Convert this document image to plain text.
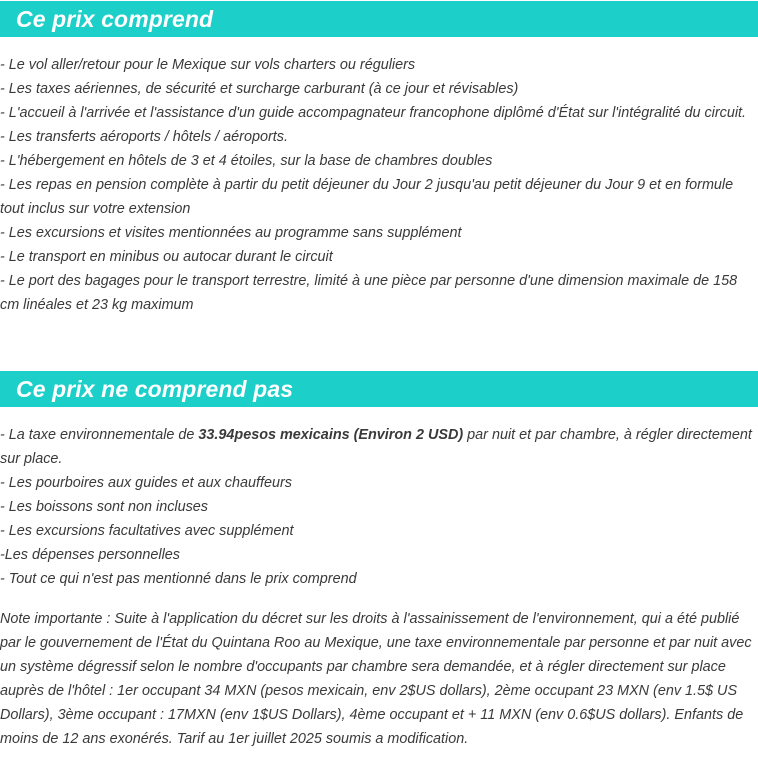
Ce prix comprend
- Le vol aller/retour pour le Mexique sur vols charters ou réguliers
- Les taxes aériennes, de sécurité et surcharge carburant (à ce jour et révisables)
- L'accueil à l'arrivée et l'assistance d'un guide accompagnateur francophone diplômé d'État sur l'intégralité du circuit.
- Les transferts aéroports / hôtels / aéroports.
- L'hébergement en hôtels de 3 et 4 étoiles, sur la base de chambres doubles
- Les repas en pension complète à partir du petit déjeuner du Jour 2 jusqu'au petit déjeuner du Jour 9 et en formule tout inclus sur votre extension
- Les excursions et visites mentionnées au programme sans supplément
- Le transport en minibus ou autocar durant le circuit
- Le port des bagages pour le transport terrestre, limité à une pièce par personne d'une dimension maximale de 158 cm linéales et 23 kg maximum
Ce prix ne comprend pas
- La taxe environnementale de 33.94pesos mexicains (Environ 2 USD) par nuit et par chambre, à régler directement sur place.
- Les pourboires aux guides et aux chauffeurs
- Les boissons sont non incluses
- Les excursions facultatives avec supplément
-Les dépenses personnelles
- Tout ce qui n'est pas mentionné dans le prix comprend

Note importante : Suite à l'application du décret sur les droits à l'assainissement de l'environnement, qui a été publié par le gouvernement de l'État du Quintana Roo au Mexique, une taxe environnementale par personne et par nuit avec un système dégressif selon le nombre d'occupants par chambre sera demandée, et à régler directement sur place auprès de l'hôtel : 1er occupant 34 MXN (pesos mexicain, env 2$US dollars), 2ème occupant 23 MXN (env 1.5$ US Dollars), 3ème occupant : 17MXN (env 1$US Dollars), 4ème occupant et + 11 MXN (env 0.6$US dollars). Enfants de moins de 12 ans exonérés. Tarif au 1er juillet 2025 soumis a modification.
